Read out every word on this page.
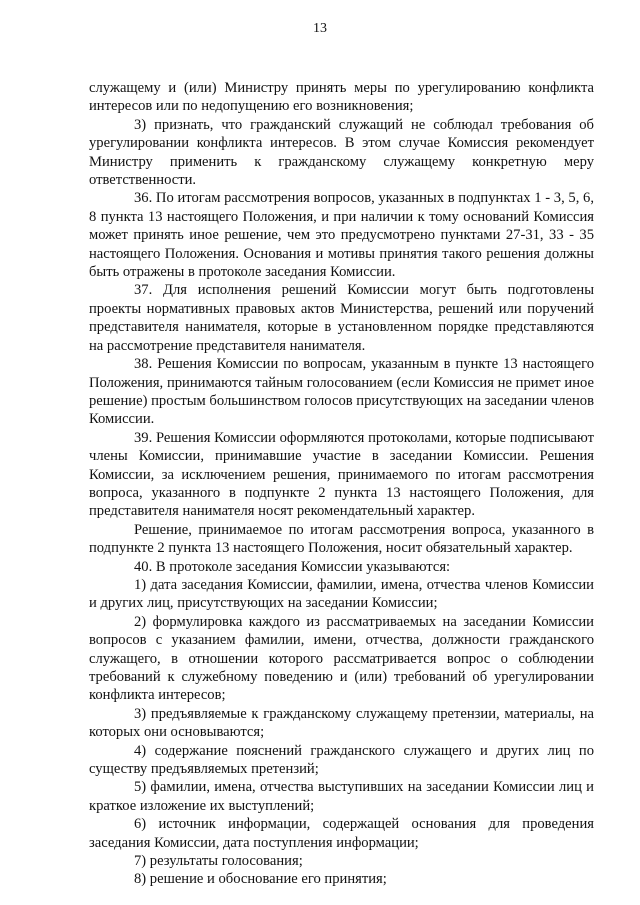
13

служащему и (или) Министру принять меры по урегулированию конфликта интересов или по недопущению его возникновения;

3) признать, что гражданский служащий не соблюдал требования об урегулировании конфликта интересов. В этом случае Комиссия рекомендует Министру применить к гражданскому служащему конкретную меру ответственности.

36. По итогам рассмотрения вопросов, указанных в подпунктах 1 - 3, 5, 6, 8 пункта 13 настоящего Положения, и при наличии к тому оснований Комиссия может принять иное решение, чем это предусмотрено пунктами 27-31, 33 - 35 настоящего Положения. Основания и мотивы принятия такого решения должны быть отражены в протоколе заседания Комиссии.

37. Для исполнения решений Комиссии могут быть подготовлены проекты нормативных правовых актов Министерства, решений или поручений представителя нанимателя, которые в установленном порядке представляются на рассмотрение представителя нанимателя.

38. Решения Комиссии по вопросам, указанным в пункте 13 настоящего Положения, принимаются тайным голосованием (если Комиссия не примет иное решение) простым большинством голосов присутствующих на заседании членов Комиссии.

39. Решения Комиссии оформляются протоколами, которые подписывают члены Комиссии, принимавшие участие в заседании Комиссии. Решения Комиссии, за исключением решения, принимаемого по итогам рассмотрения вопроса, указанного в подпункте 2 пункта 13 настоящего Положения, для представителя нанимателя носят рекомендательный характер.

Решение, принимаемое по итогам рассмотрения вопроса, указанного в подпункте 2 пункта 13 настоящего Положения, носит обязательный характер.

40. В протоколе заседания Комиссии указываются:

1) дата заседания Комиссии, фамилии, имена, отчества членов Комиссии и других лиц, присутствующих на заседании Комиссии;

2) формулировка каждого из рассматриваемых на заседании Комиссии вопросов с указанием фамилии, имени, отчества, должности гражданского служащего, в отношении которого рассматривается вопрос о соблюдении требований к служебному поведению и (или) требований об урегулировании конфликта интересов;

3) предъявляемые к гражданскому служащему претензии, материалы, на которых они основываются;

4) содержание пояснений гражданского служащего и других лиц по существу предъявляемых претензий;

5) фамилии, имена, отчества выступивших на заседании Комиссии лиц и краткое изложение их выступлений;

6) источник информации, содержащей основания для проведения заседания Комиссии, дата поступления информации;

7) результаты голосования;

8) решение и обоснование его принятия;
